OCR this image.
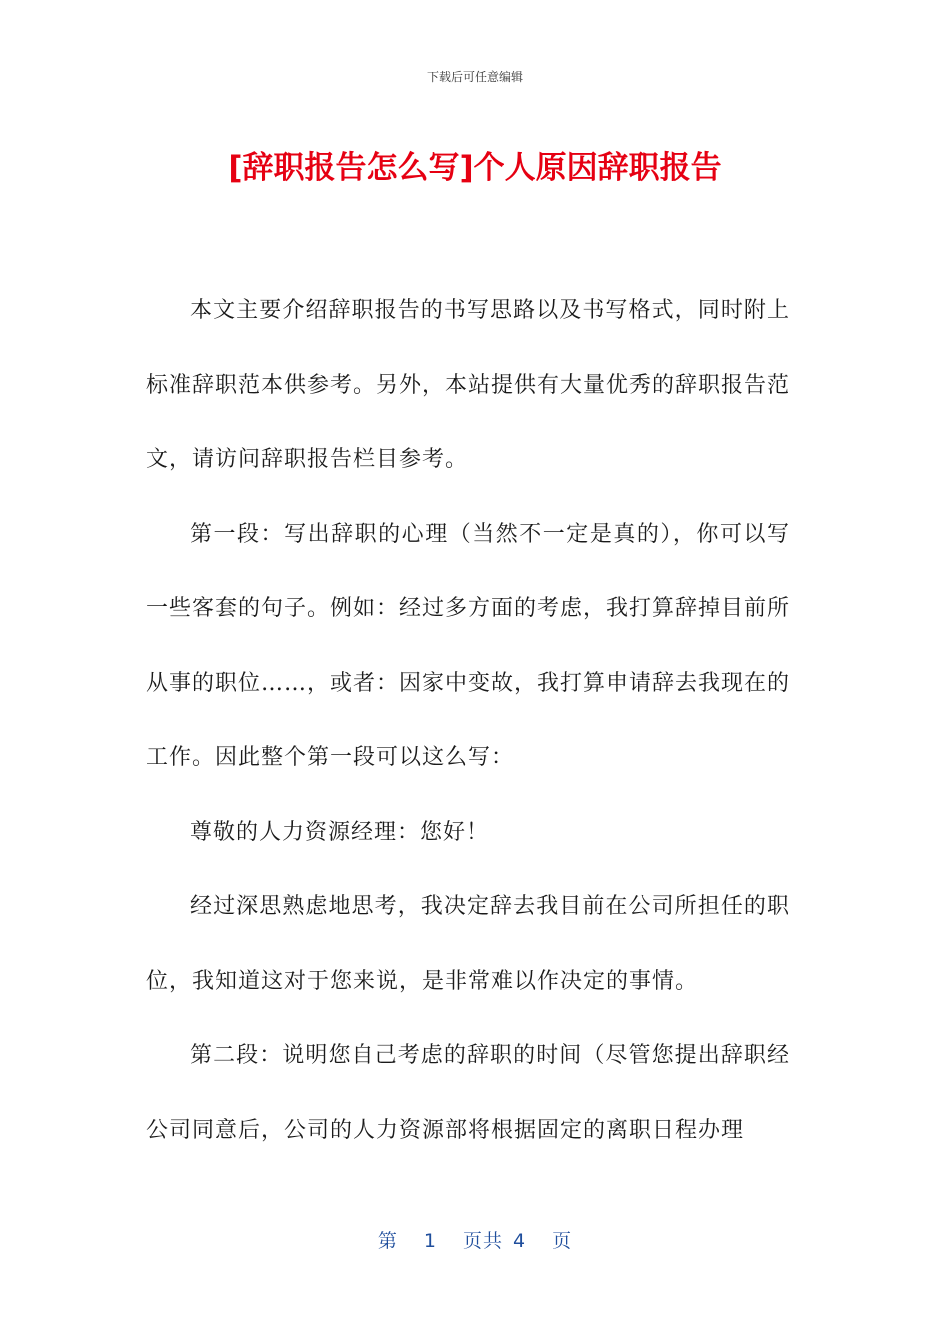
下载后可任意编辑
[辞职报告怎么写]个人原因辞职报告

本文主要介绍辞职报告的书写思路以及书写格式，同时附上标准辞职范本供参考。另外，本站提供有大量优秀的辞职报告范文，请访问辞职报告栏目参考。

第一段：写出辞职的心理（当然不一定是真的），你可以写一些客套的句子。例如：经过多方面的考虑，我打算辞掉目前所从事的职位……，或者：因家中变故，我打算申请辞去我现在的工作。因此整个第一段可以这么写：

尊敬的人力资源经理：您好！

经过深思熟虑地思考，我决定辞去我目前在公司所担任的职位，我知道这对于您来说，是非常难以作决定的事情。

第二段：说明您自己考虑的辞职的时间（尽管您提出辞职经公司同意后，公司的人力资源部将根据固定的离职日程办理

第 1 页共 4 页
